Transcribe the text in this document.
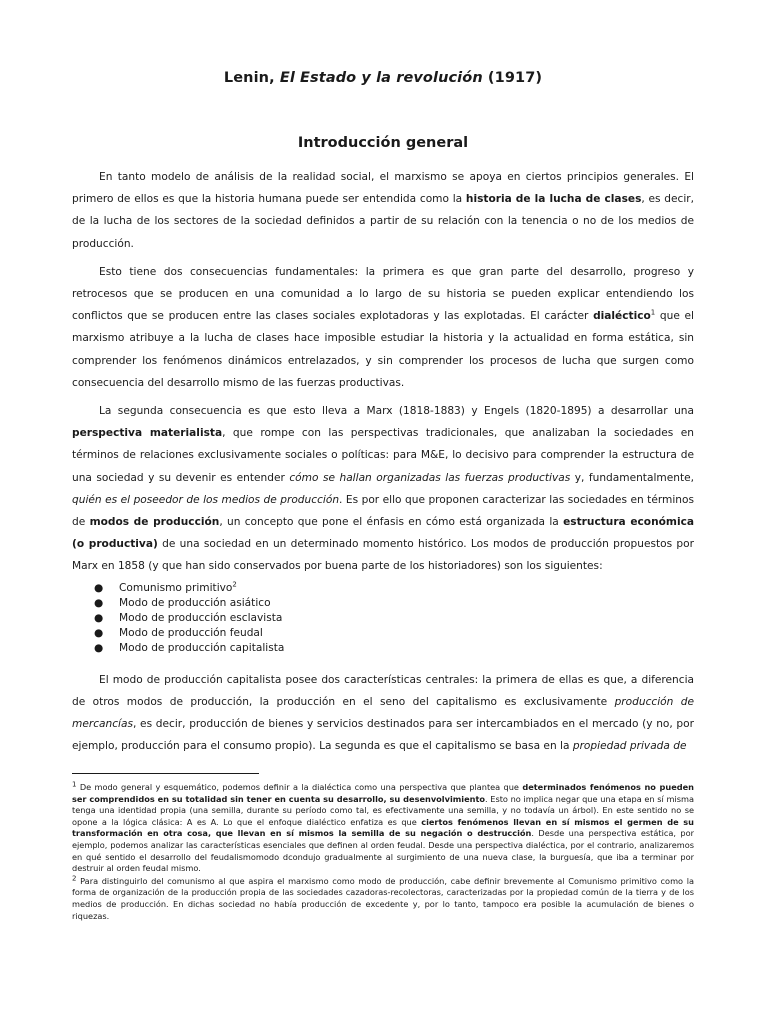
Lenin, El Estado y la revolución (1917)
Introducción general

En tanto modelo de análisis de la realidad social, el marxismo se apoya en ciertos principios generales. El primero de ellos es que la historia humana puede ser entendida como la historia de la lucha de clases, es decir, de la lucha de los sectores de la sociedad definidos a partir de su relación con la tenencia o no de los medios de producción.

Esto tiene dos consecuencias fundamentales: la primera es que gran parte del desarrollo, progreso y retrocesos que se producen en una comunidad a lo largo de su historia se pueden explicar entendiendo los conflictos que se producen entre las clases sociales explotadoras y las explotadas. El carácter dialéctico$^1$ que el marxismo atribuye a la lucha de clases hace imposible estudiar la historia y la actualidad en forma estática, sin comprender los fenómenos dinámicos entrelazados, y sin comprender los procesos de lucha que surgen como consecuencia del desarrollo mismo de las fuerzas productivas.

La segunda consecuencia es que esto lleva a Marx (1818-1883) y Engels (1820-1895) a desarrollar una perspectiva materialista, que rompe con las perspectivas tradicionales, que analizaban la sociedades en términos de relaciones exclusivamente sociales o políticas: para M&E, lo decisivo para comprender la estructura de una sociedad y su devenir es entender cómo se hallan organizadas las fuerzas productivas y, fundamentalmente, quién es el poseedor de los medios de producción. Es por ello que proponen caracterizar las sociedades en términos de modos de producción, un concepto que pone el énfasis en cómo está organizada la estructura económica (o productiva) de una sociedad en un determinado momento histórico. Los modos de producción propuestos por Marx en 1858 (y que han sido conservados por buena parte de los historiadores) son los siguientes:

● Comunismo primitivo$^2$
● Modo de producción asiático
● Modo de producción esclavista
● Modo de producción feudal
● Modo de producción capitalista

El modo de producción capitalista posee dos características centrales: la primera de ellas es que, a diferencia de otros modos de producción, la producción en el seno del capitalismo es exclusivamente producción de mercancías, es decir, producción de bienes y servicios destinados para ser intercambiados en el mercado (y no, por ejemplo, producción para el consumo propio). La segunda es que el capitalismo se basa en la propiedad privada de

$^1$ De modo general y esquemático, podemos definir a la dialéctica como una perspectiva que plantea que determinados fenómenos no pueden ser comprendidos en su totalidad sin tener en cuenta su desarrollo, su desenvolvimiento. Esto no implica negar que una etapa en sí misma tenga una identidad propia (una semilla, durante su período como tal, es efectivamente una semilla, y no todavía un árbol). En este sentido no se opone a la lógica clásica: A es A. Lo que el enfoque dialéctico enfatiza es que ciertos fenómenos llevan en sí mismos el germen de su transformación en otra cosa, que llevan en sí mismos la semilla de su negación o destrucción. Desde una perspectiva estática, por ejemplo, podemos analizar las características esenciales que definen al orden feudal. Desde una perspectiva dialéctica, por el contrario, analizaremos en qué sentido el desarrollo del feudalismomodo dcondujo gradualmente al surgimiento de una nueva clase, la burguesía, que iba a terminar por destruir al orden feudal mismo.
$^2$ Para distinguirlo del comunismo al que aspira el marxismo como modo de producción, cabe definir brevemente al Comunismo primitivo como la forma de organización de la producción propia de las sociedades cazadoras-recolectoras, caracterizadas por la propiedad común de la tierra y de los medios de producción. En dichas sociedad no había producción de excedente y, por lo tanto, tampoco era posible la acumulación de bienes o riquezas.
